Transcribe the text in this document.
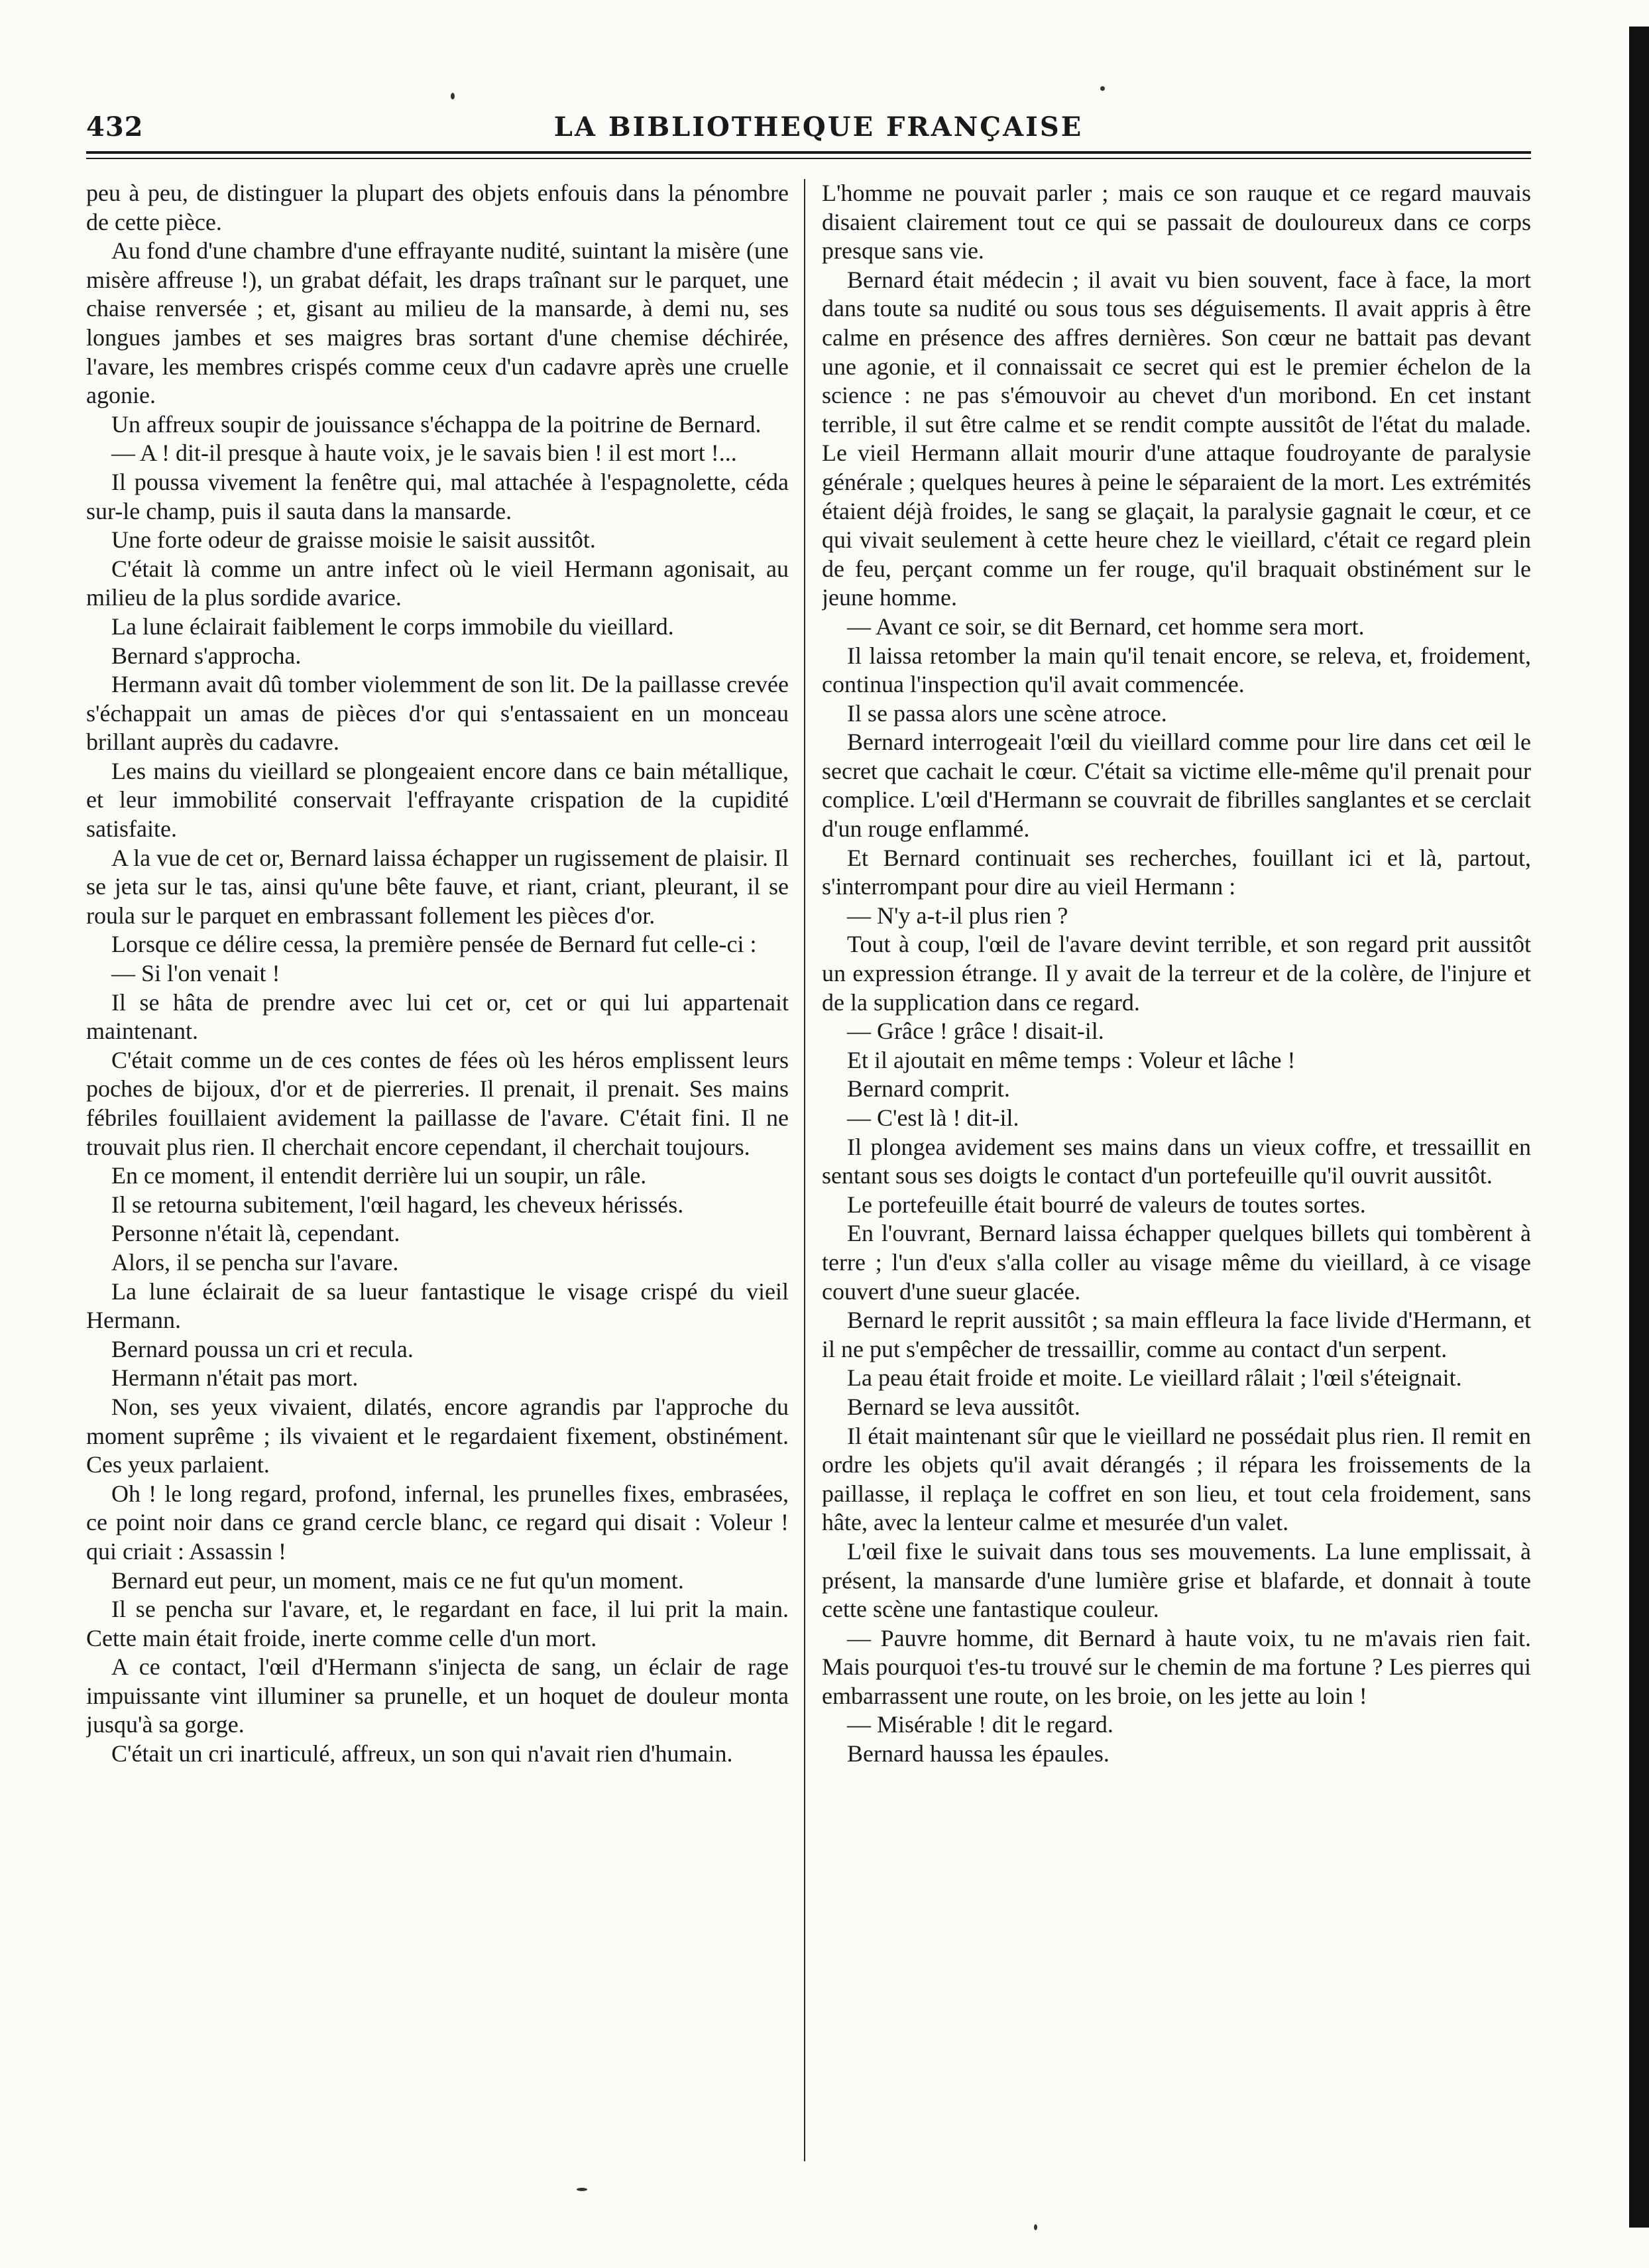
432	LA BIBLIOTHEQUE FRANÇAISE

peu à peu, de distinguer la plupart des objets enfouis dans la pénombre de cette pièce.

Au fond d'une chambre d'une effrayante nudité, suintant la misère (une misère affreuse !), un grabat défait, les draps traînant sur le parquet, une chaise renversée ; et, gisant au milieu de la mansarde, à demi nu, ses longues jambes et ses maigres bras sortant d'une chemise déchirée, l'avare, les membres crispés comme ceux d'un cadavre après une cruelle agonie.

Un affreux soupir de jouissance s'échappa de la poitrine de Bernard.

— A ! dit-il presque à haute voix, je le savais bien ! il est mort !...

Il poussa vivement la fenêtre qui, mal attachée à l'espagnolette, céda sur-le champ, puis il sauta dans la mansarde.

Une forte odeur de graisse moisie le saisit aussitôt.

C'était là comme un antre infect où le vieil Hermann agonisait, au milieu de la plus sordide avarice.

La lune éclairait faiblement le corps immobile du vieillard.

Bernard s'approcha.

Hermann avait dû tomber violemment de son lit. De la paillasse crevée s'échappait un amas de pièces d'or qui s'entassaient en un monceau brillant auprès du cadavre.

Les mains du vieillard se plongeaient encore dans ce bain métallique, et leur immobilité conservait l'effrayante crispation de la cupidité satisfaite.

A la vue de cet or, Bernard laissa échapper un rugissement de plaisir. Il se jeta sur le tas, ainsi qu'une bête fauve, et riant, criant, pleurant, il se roula sur le parquet en embrassant follement les pièces d'or.

Lorsque ce délire cessa, la première pensée de Bernard fut celle-ci :

— Si l'on venait !

Il se hâta de prendre avec lui cet or, cet or qui lui appartenait maintenant.

C'était comme un de ces contes de fées où les héros emplissent leurs poches de bijoux, d'or et de pierreries. Il prenait, il prenait. Ses mains fébriles fouillaient avidement la paillasse de l'avare. C'était fini. Il ne trouvait plus rien. Il cherchait encore cependant, il cherchait toujours.

En ce moment, il entendit derrière lui un soupir, un râle.

Il se retourna subitement, l'œil hagard, les cheveux hérissés.

Personne n'était là, cependant.

Alors, il se pencha sur l'avare.

La lune éclairait de sa lueur fantastique le visage crispé du vieil Hermann.

Bernard poussa un cri et recula.

Hermann n'était pas mort.

Non, ses yeux vivaient, dilatés, encore agrandis par l'approche du moment suprême ; ils vivaient et le regardaient fixement, obstinément. Ces yeux parlaient.

Oh ! le long regard, profond, infernal, les prunelles fixes, embrasées, ce point noir dans ce grand cercle blanc, ce regard qui disait : Voleur ! qui criait : Assassin !

Bernard eut peur, un moment, mais ce ne fut qu'un moment.

Il se pencha sur l'avare, et, le regardant en face, il lui prit la main. Cette main était froide, inerte comme celle d'un mort.

A ce contact, l'œil d'Hermann s'injecta de sang, un éclair de rage impuissante vint illuminer sa prunelle, et un hoquet de douleur monta jusqu'à sa gorge.

C'était un cri inarticulé, affreux, un son qui n'avait rien d'humain.

L'homme ne pouvait parler ; mais ce son rauque et ce regard mauvais disaient clairement tout ce qui se passait de douloureux dans ce corps presque sans vie.

Bernard était médecin ; il avait vu bien souvent, face à face, la mort dans toute sa nudité ou sous tous ses déguisements. Il avait appris à être calme en présence des affres dernières. Son cœur ne battait pas devant une agonie, et il connaissait ce secret qui est le premier échelon de la science : ne pas s'émouvoir au chevet d'un moribond. En cet instant terrible, il sut être calme et se rendit compte aussitôt de l'état du malade. Le vieil Hermann allait mourir d'une attaque foudroyante de paralysie générale ; quelques heures à peine le séparaient de la mort. Les extrémités étaient déjà froides, le sang se glaçait, la paralysie gagnait le cœur, et ce qui vivait seulement à cette heure chez le vieillard, c'était ce regard plein de feu, perçant comme un fer rouge, qu'il braquait obstinément sur le jeune homme.

— Avant ce soir, se dit Bernard, cet homme sera mort.

Il laissa retomber la main qu'il tenait encore, se releva, et, froidement, continua l'inspection qu'il avait commencée.

Il se passa alors une scène atroce.

Bernard interrogeait l'œil du vieillard comme pour lire dans cet œil le secret que cachait le cœur. C'était sa victime elle-même qu'il prenait pour complice. L'œil d'Hermann se couvrait de fibrilles sanglantes et se cerclait d'un rouge enflammé.

Et Bernard continuait ses recherches, fouillant ici et là, partout, s'interrompant pour dire au vieil Hermann :

— N'y a-t-il plus rien ?

Tout à coup, l'œil de l'avare devint terrible, et son regard prit aussitôt un expression étrange. Il y avait de la terreur et de la colère, de l'injure et de la supplication dans ce regard.

— Grâce ! grâce ! disait-il.

Et il ajoutait en même temps : Voleur et lâche !

Bernard comprit.

— C'est là ! dit-il.

Il plongea avidement ses mains dans un vieux coffre, et tressaillit en sentant sous ses doigts le contact d'un portefeuille qu'il ouvrit aussitôt.

Le portefeuille était bourré de valeurs de toutes sortes.

En l'ouvrant, Bernard laissa échapper quelques billets qui tombèrent à terre ; l'un d'eux s'alla coller au visage même du vieillard, à ce visage couvert d'une sueur glacée.

Bernard le reprit aussitôt ; sa main effleura la face livide d'Hermann, et il ne put s'empêcher de tressaillir, comme au contact d'un serpent.

La peau était froide et moite. Le vieillard râlait ; l'œil s'éteignait.

Bernard se leva aussitôt.

Il était maintenant sûr que le vieillard ne possédait plus rien. Il remit en ordre les objets qu'il avait dérangés ; il répara les froissements de la paillasse, il replaça le coffret en son lieu, et tout cela froidement, sans hâte, avec la lenteur calme et mesurée d'un valet.

L'œil fixe le suivait dans tous ses mouvements. La lune emplissait, à présent, la mansarde d'une lumière grise et blafarde, et donnait à toute cette scène une fantastique couleur.

— Pauvre homme, dit Bernard à haute voix, tu ne m'avais rien fait. Mais pourquoi t'es-tu trouvé sur le chemin de ma fortune ? Les pierres qui embarrassent une route, on les broie, on les jette au loin !

— Misérable ! dit le regard.

Bernard haussa les épaules.
